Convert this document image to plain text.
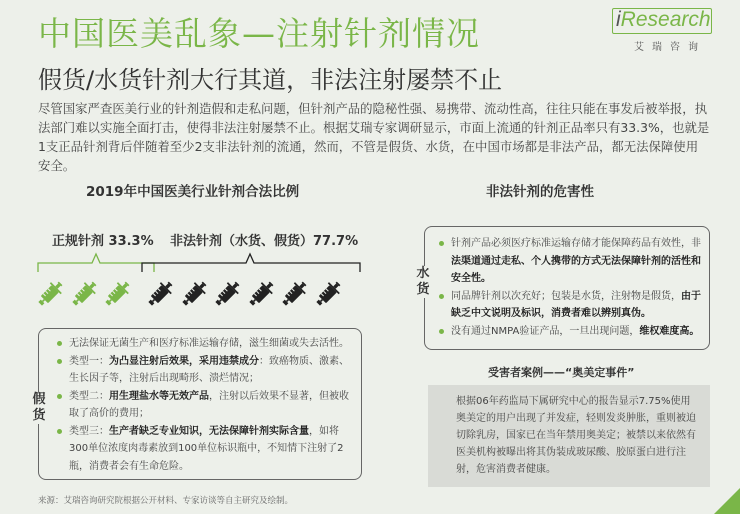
中国医美乱象—注射针剂情况	iResearch
艾瑞咨询
假货/水货针剂大行其道，非法注射屡禁不止
尽管国家严查医美行业的针剂造假和走私问题，但针剂产品的隐秘性强、易携带、流动性高，往往只能在事发后被举报，执法部门难以实施全面打击，使得非法注射屡禁不止。根据艾瑞专家调研显示，市面上流通的针剂正品率只有33.3%，也就是1支正品针剂背后伴随着至少2支非法针剂的流通，然而，不管是假货、水货，在中国市场都是非法产品，都无法保障使用安全。
2019年中国医美行业针剂合法比例	非法针剂的危害性
正规针剂 33.3% 非法针剂（水货、假货）77.7%
无法保证无菌生产和医疗标准运输存储，滋生细菌或失去活性。
类型一：为凸显注射后效果，采用违禁成分：致癌物质、激素、生长因子等，注射后出现畸形、溃烂情况；
类型二：用生理盐水等无效产品，注射以后效果不显著，但被收取了高价的费用；
类型三：生产者缺乏专业知识，无法保障针剂实际含量，如将300单位浓度肉毒素放到100单位标识瓶中，不知情下注射了2瓶，消费者会有生命危险。
假货
针剂产品必须医疗标准运输存储才能保障药品有效性，非法渠道通过走私、个人携带的方式无法保障针剂的活性和安全性。
同品牌针剂以次充好；包装是水货，注射物是假货，由于缺乏中文说明及标识，消费者难以辨别真伪。
没有通过NMPA验证产品，一旦出现问题，维权难度高。
水货
受害者案例——“奥美定事件”
根据06年药监局下属研究中心的报告显示7.75%使用奥美定的用户出现了并发症，轻则发炎肿胀，重则被迫切除乳房，国家已在当年禁用奥美定；被禁以来依然有医美机构被曝出将其伪装成玻尿酸、胶原蛋白进行注射，危害消费者健康。
来源：艾瑞咨询研究院根据公开材料、专家访谈等自主研究及绘制。
